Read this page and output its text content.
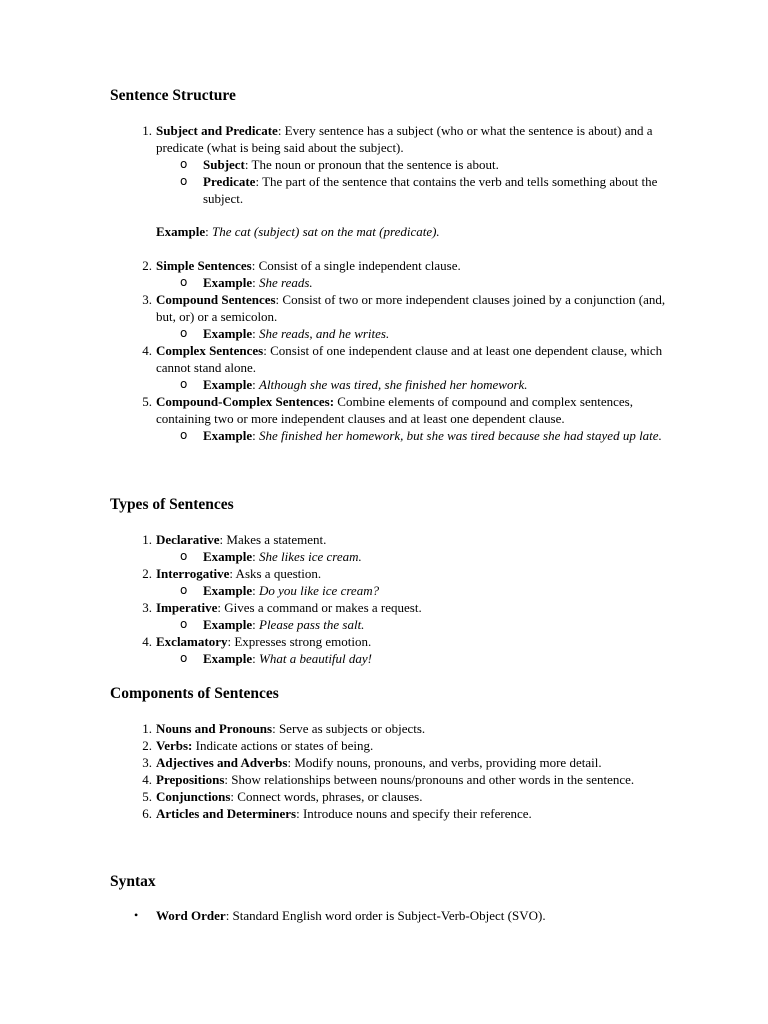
Sentence Structure
1. Subject and Predicate: Every sentence has a subject (who or what the sentence is about) and a predicate (what is being said about the subject).
o Subject: The noun or pronoun that the sentence is about.
o Predicate: The part of the sentence that contains the verb and tells something about the subject.

Example: The cat (subject) sat on the mat (predicate).

2. Simple Sentences: Consist of a single independent clause.
o Example: She reads.
3. Compound Sentences: Consist of two or more independent clauses joined by a conjunction (and, but, or) or a semicolon.
o Example: She reads, and he writes.
4. Complex Sentences: Consist of one independent clause and at least one dependent clause, which cannot stand alone.
o Example: Although she was tired, she finished her homework.
5. Compound-Complex Sentences: Combine elements of compound and complex sentences, containing two or more independent clauses and at least one dependent clause.
o Example: She finished her homework, but she was tired because she had stayed up late.
Types of Sentences
1. Declarative: Makes a statement.
o Example: She likes ice cream.
2. Interrogative: Asks a question.
o Example: Do you like ice cream?
3. Imperative: Gives a command or makes a request.
o Example: Please pass the salt.
4. Exclamatory: Expresses strong emotion.
o Example: What a beautiful day!
Components of Sentences
1. Nouns and Pronouns: Serve as subjects or objects.
2. Verbs: Indicate actions or states of being.
3. Adjectives and Adverbs: Modify nouns, pronouns, and verbs, providing more detail.
4. Prepositions: Show relationships between nouns/pronouns and other words in the sentence.
5. Conjunctions: Connect words, phrases, or clauses.
6. Articles and Determiners: Introduce nouns and specify their reference.
Syntax
• Word Order: Standard English word order is Subject-Verb-Object (SVO).
